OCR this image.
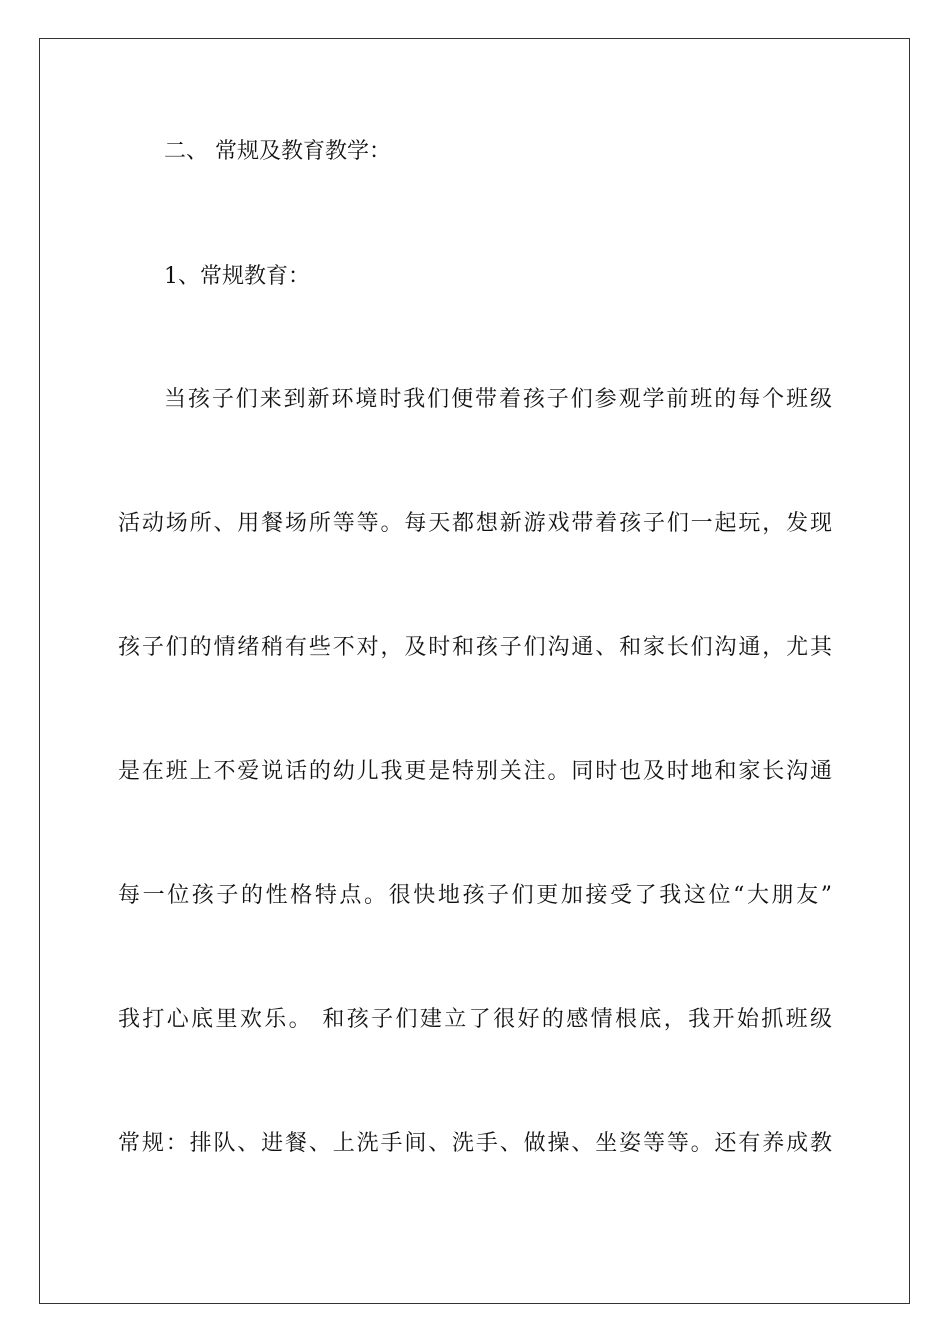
二、 常规及教育教学：
1、常规教育：
当孩子们来到新环境时我们便带着孩子们参观学前班的每个班级
活动场所、用餐场所等等。每天都想新游戏带着孩子们一起玩，发现
孩子们的情绪稍有些不对，及时和孩子们沟通、和家长们沟通，尤其
是在班上不爱说话的幼儿我更是特别关注。同时也及时地和家长沟通
每一位孩子的性格特点。很快地孩子们更加接受了我这位“大朋友”
我打心底里欢乐。 和孩子们建立了很好的感情根底，我开始抓班级
常规：排队、进餐、上洗手间、洗手、做操、坐姿等等。还有养成教
